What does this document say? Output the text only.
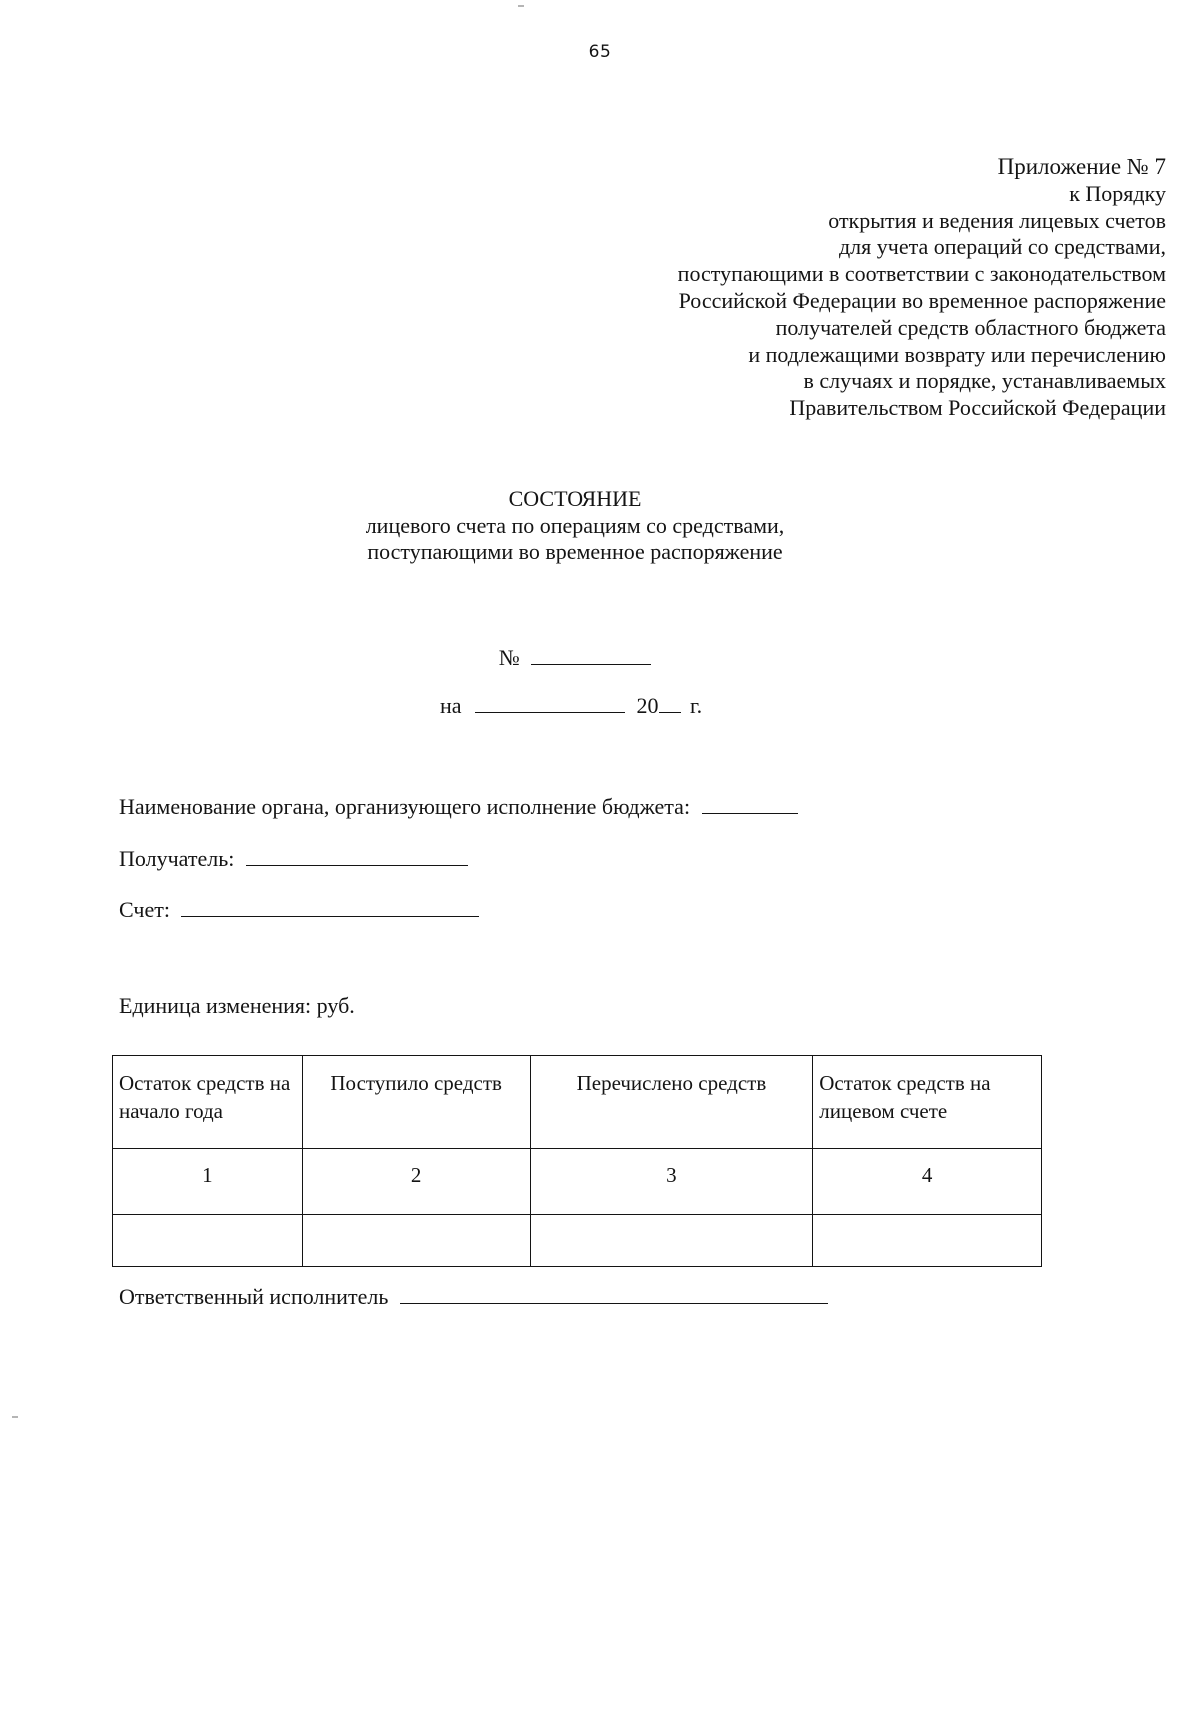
65
Приложение № 7
к Порядку
открытия и ведения лицевых счетов
для учета операций со средствами,
поступающими в соответствии с законодательством
Российской Федерации во временное распоряжение
получателей средств областного бюджета
и подлежащими возврату или перечислению
в случаях и порядке, устанавливаемых
Правительством Российской Федерации
СОСТОЯНИЕ
лицевого счета по операциям со средствами,
поступающими во временное распоряжение
№
на	20 г.
Наименование органа, организующего исполнение бюджета:
Получатель:
Счет:
Единица изменения: руб.
Остаток средств на начало года	Поступило средств	Перечислено средств	Остаток средств на лицевом счете
1	2	3	4

Ответственный исполнитель
